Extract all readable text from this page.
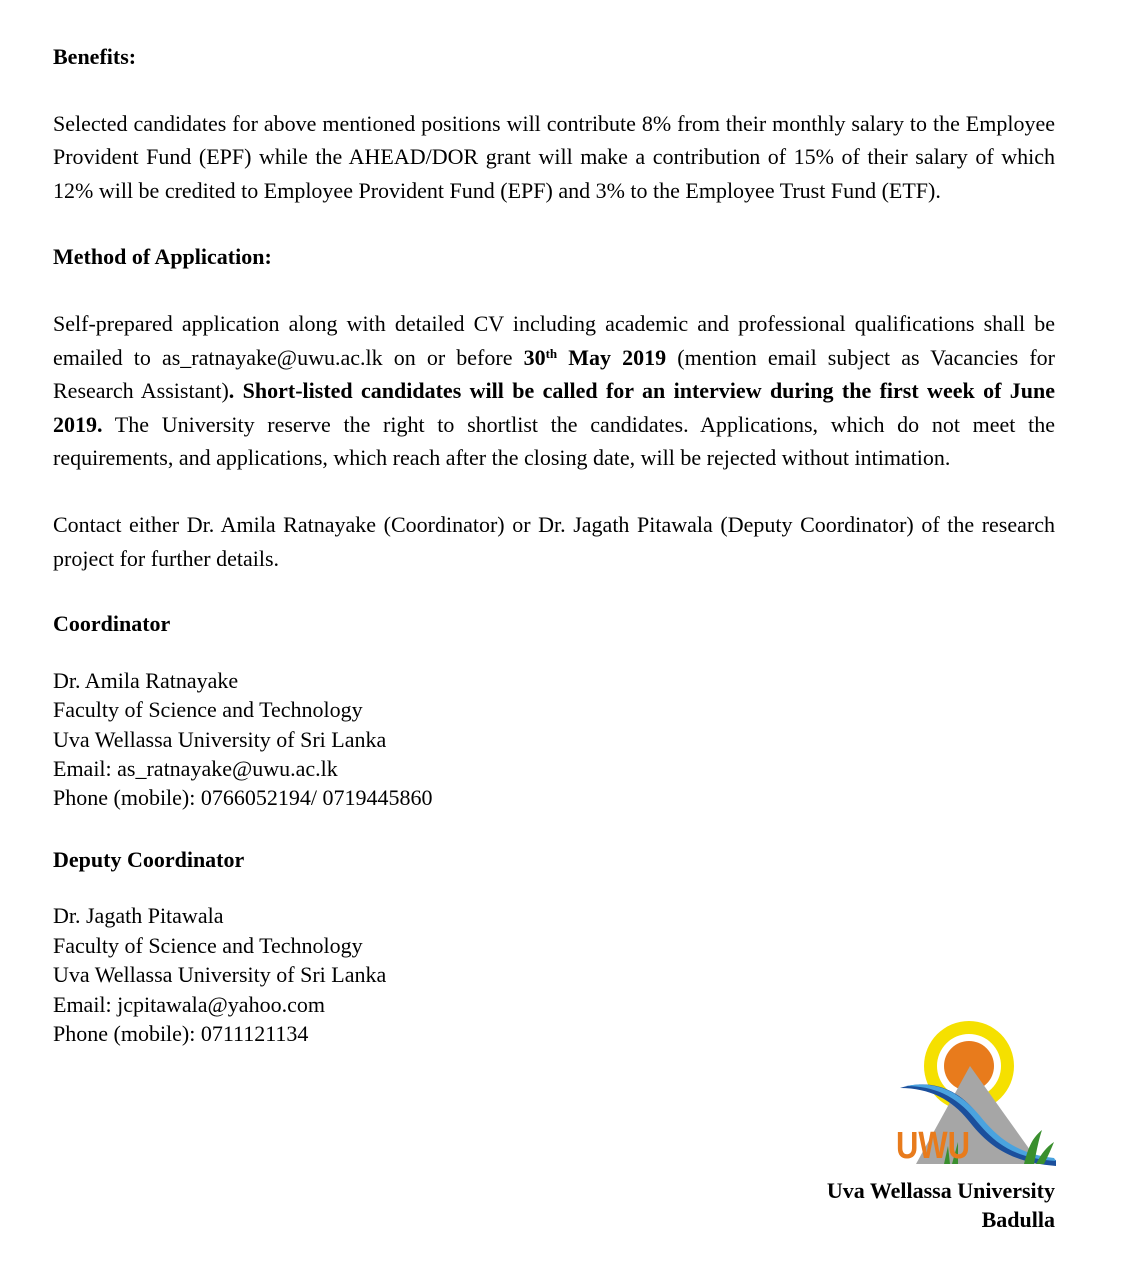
Benefits:

Selected candidates for above mentioned positions will contribute 8% from their monthly salary to the Employee Provident Fund (EPF) while the AHEAD/DOR grant will make a contribution of 15% of their salary of which 12% will be credited to Employee Provident Fund (EPF) and 3% to the Employee Trust Fund (ETF).

Method of Application:

Self-prepared application along with detailed CV including academic and professional qualifications shall be emailed to as_ratnayake@uwu.ac.lk on or before 30th May 2019 (mention email subject as Vacancies for Research Assistant). Short-listed candidates will be called for an interview during the first week of June 2019. The University reserve the right to shortlist the candidates. Applications, which do not meet the requirements, and applications, which reach after the closing date, will be rejected without intimation.

Contact either Dr. Amila Ratnayake (Coordinator) or Dr. Jagath Pitawala (Deputy Coordinator) of the research project for further details.

Coordinator

Dr. Amila Ratnayake
Faculty of Science and Technology
Uva Wellassa University of Sri Lanka
Email: as_ratnayake@uwu.ac.lk
Phone (mobile): 0766052194/ 0719445860

Deputy Coordinator

Dr. Jagath Pitawala
Faculty of Science and Technology
Uva Wellassa University of Sri Lanka
Email: jcpitawala@yahoo.com
Phone (mobile): 0711121134
UWU
Uva Wellassa University
Badulla
